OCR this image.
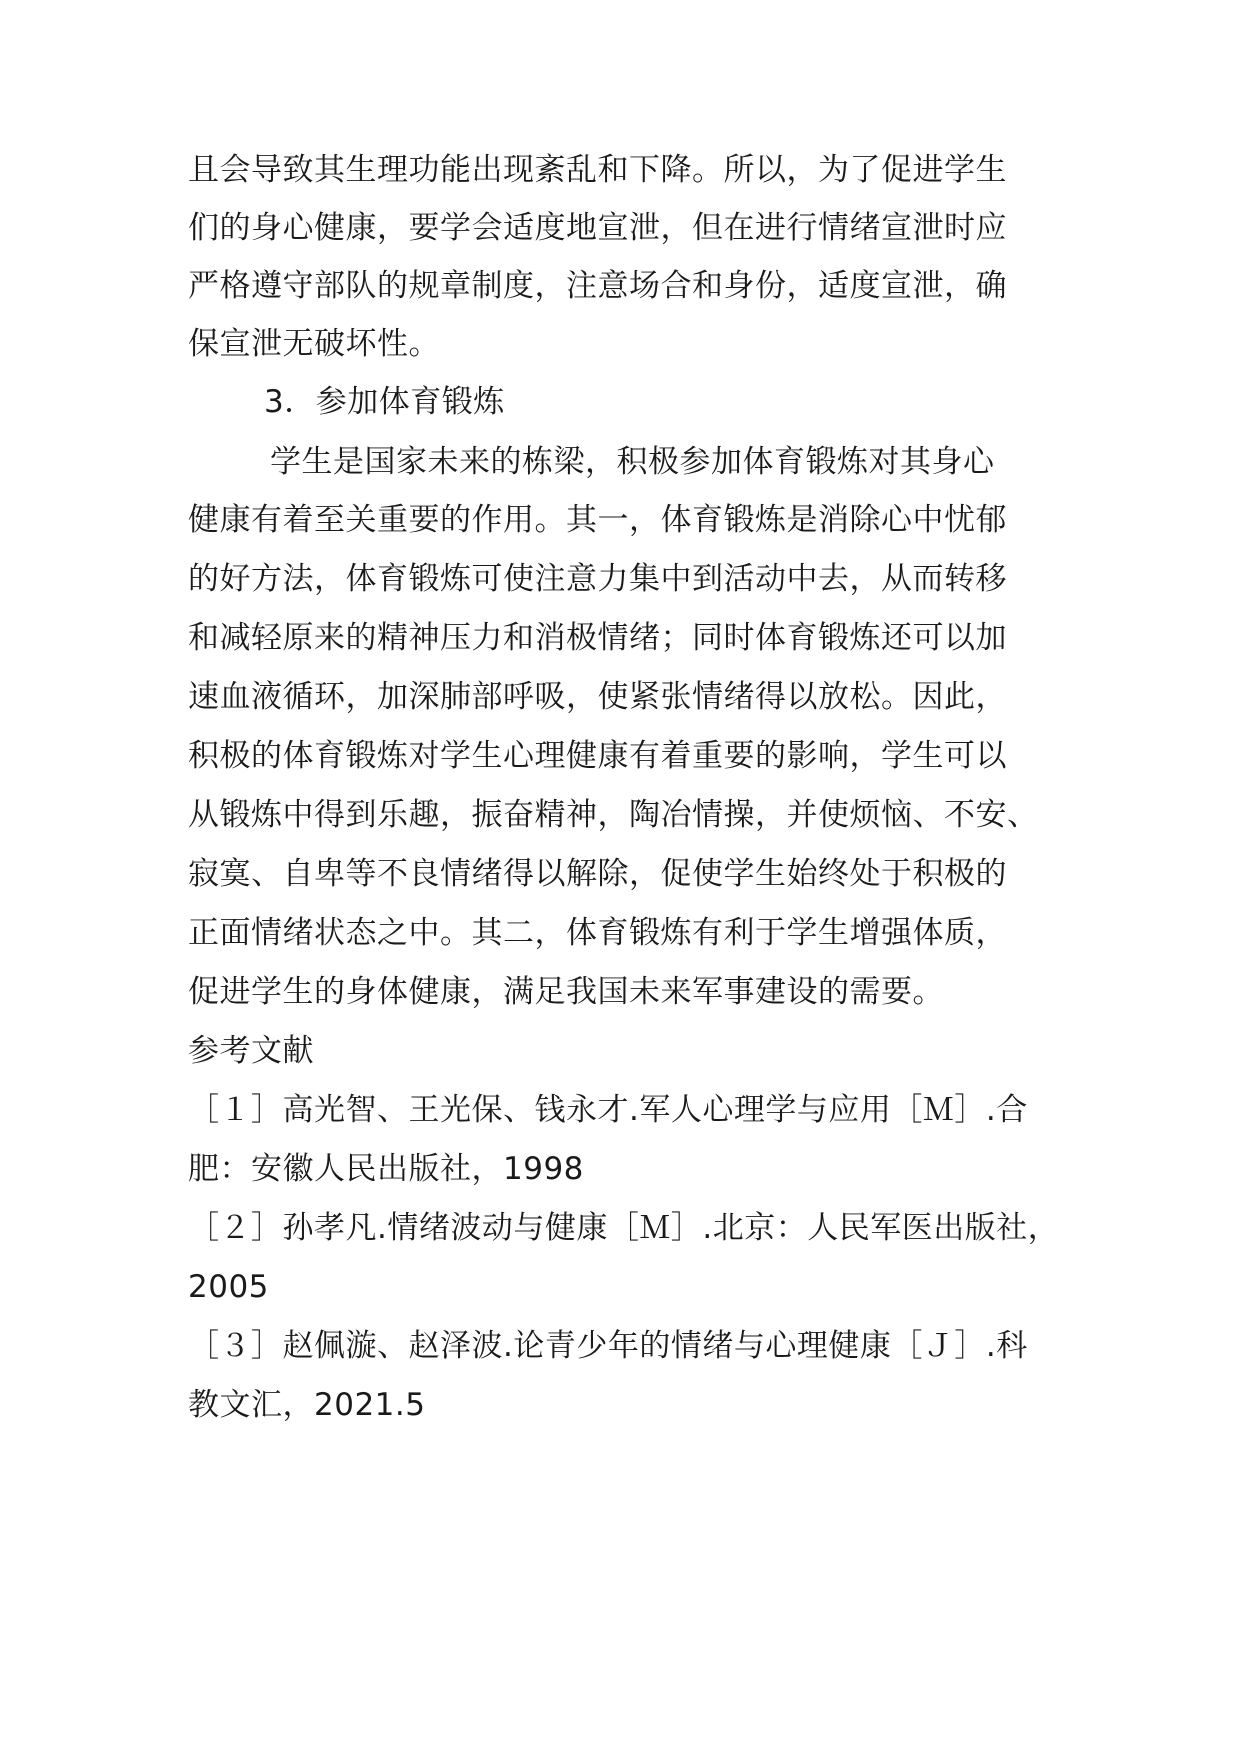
且会导致其生理功能出现紊乱和下降。所以，为了促进学生
们的身心健康，要学会适度地宣泄，但在进行情绪宣泄时应
严格遵守部队的规章制度，注意场合和身份，适度宣泄，确
保宣泄无破坏性。
3．参加体育锻炼
学生是国家未来的栋梁，积极参加体育锻炼对其身心
健康有着至关重要的作用。其一，体育锻炼是消除心中忧郁
的好方法，体育锻炼可使注意力集中到活动中去，从而转移
和减轻原来的精神压力和消极情绪；同时体育锻炼还可以加
速血液循环，加深肺部呼吸，使紧张情绪得以放松。因此，
积极的体育锻炼对学生心理健康有着重要的影响，学生可以
从锻炼中得到乐趣，振奋精神，陶冶情操，并使烦恼、不安、
寂寞、自卑等不良情绪得以解除，促使学生始终处于积极的
正面情绪状态之中。其二，体育锻炼有利于学生增强体质，
促进学生的身体健康，满足我国未来军事建设的需要。
参考文献
［１］高光智、王光保、钱永才.军人心理学与应用［Ｍ］.合
肥：安徽人民出版社，1998
［２］孙孝凡.情绪波动与健康［Ｍ］.北京：人民军医出版社，
2005
［３］赵佩漩、赵泽波.论青少年的情绪与心理健康［Ｊ］.科
教文汇，2021.5
